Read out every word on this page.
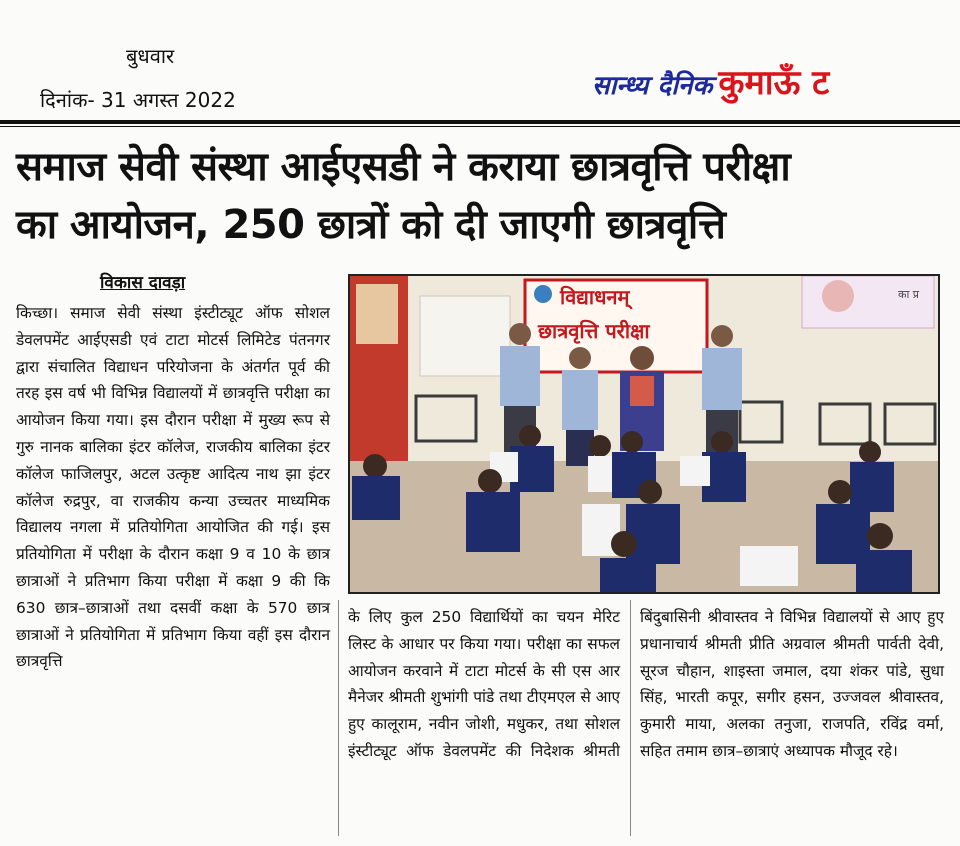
बुधवार
दिनांक- 31 अगस्त 2022	सान्ध्य दैनिक कुमाऊँ ट
समाज सेवी संस्था आईएसडी ने कराया छात्रवृत्ति परीक्षा
का आयोजन, 250 छात्रों को दी जाएगी छात्रवृत्ति
विकास दावड़ा
किच्छा। समाज सेवी संस्था इंस्टीट्यूट ऑफ सोशल डेवलपमेंट आईएसडी एवं टाटा मोटर्स लिमिटेड पंतनगर द्वारा संचालित विद्याधन परियोजना के अंतर्गत पूर्व की तरह इस वर्ष भी विभिन्न विद्यालयों में छात्रवृत्ति परीक्षा का आयोजन किया गया। इस दौरान परीक्षा में मुख्य रूप से गुरु नानक बालिका इंटर कॉलेज, राजकीय बालिका इंटर कॉलेज फाजिलपुर, अटल उत्कृष्ट आदित्य नाथ झा इंटर कॉलेज रुद्रपुर, वा राजकीय कन्या उच्चतर माध्यमिक विद्यालय नगला में प्रतियोगिता आयोजित की गई। इस प्रतियोगिता में परीक्षा के दौरान कक्षा 9 व 10 के छात्र छात्राओं ने प्रतिभाग किया परीक्षा में कक्षा 9 की कि 630 छात्र–छात्राओं तथा दसवीं कक्षा के 570 छात्र छात्राओं ने प्रतियोगिता में प्रतिभाग किया वहीं इस दौरान छात्रवृत्ति
विद्याधनम्
छात्रवृत्ति परीक्षा
का प्र
के लिए कुल 250 विद्यार्थियों का चयन मेरिट लिस्ट के आधार पर किया गया। परीक्षा का सफल आयोजन करवाने में टाटा मोटर्स के सी एस आर मैनेजर श्रीमती शुभांगी पांडे तथा टीएमएल से आए हुए कालूराम, नवीन जोशी, मधुकर, तथा सोशल इंस्टीट्यूट ऑफ डेवलपमेंट की निदेशक श्रीमती
बिंदुबासिनी श्रीवास्तव ने विभिन्न विद्यालयों से आए हुए प्रधानाचार्य श्रीमती प्रीति अग्रवाल श्रीमती पार्वती देवी, सूरज चौहान, शाइस्ता जमाल, दया शंकर पांडे, सुधा सिंह, भारती कपूर, सगीर हसन, उज्जवल श्रीवास्तव, कुमारी माया, अलका तनुजा, राजपति, रविंद्र वर्मा, सहित तमाम छात्र–छात्राएं अध्यापक मौजूद रहे।
